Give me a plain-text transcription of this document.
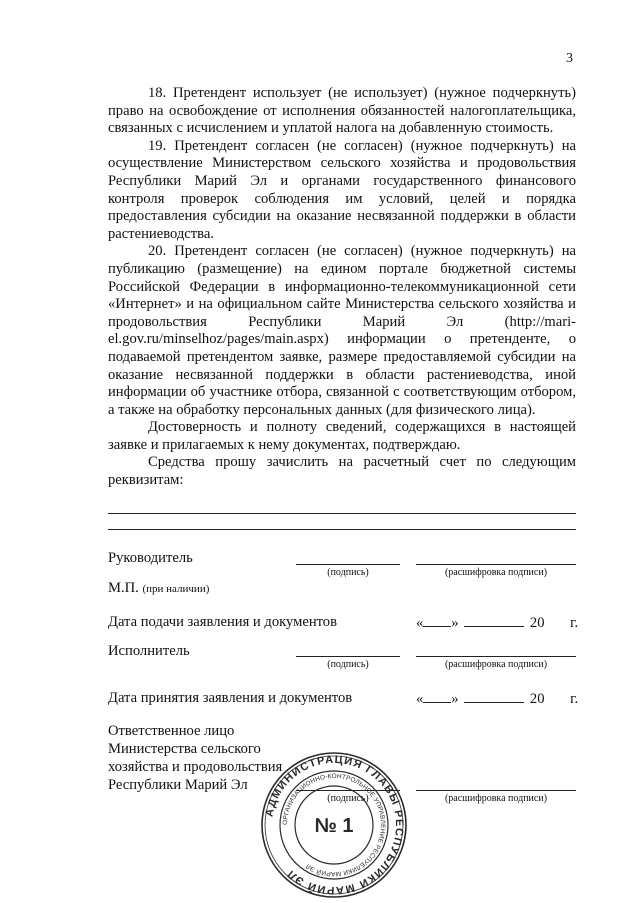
3

18. Претендент использует (не использует) (нужное подчеркнуть) право на освобождение от исполнения обязанностей налогоплательщика, связанных с исчислением и уплатой налога на добавленную стоимость.

19. Претендент согласен (не согласен) (нужное подчеркнуть) на осуществление Министерством сельского хозяйства и продовольствия Республики Марий Эл и органами государственного финансового контроля проверок соблюдения им условий, целей и порядка предоставления субсидии на оказание несвязанной поддержки в области растениеводства.

20. Претендент согласен (не согласен) (нужное подчеркнуть) на публикацию (размещение) на едином портале бюджетной системы Российской Федерации в информационно-телекоммуникационной сети «Интернет» и на официальном сайте Министерства сельского хозяйства и продовольствия Республики Марий Эл (http://mari-el.gov.ru/minselhoz/pages/main.aspx) информации о претенденте, о подаваемой претендентом заявке, размере предоставляемой субсидии на оказание несвязанной поддержки в области растениеводства, иной информации об участнике отбора, связанной с соответствующим отбором, а также на обработку персональных данных (для физического лица).

Достоверность и полноту сведений, содержащихся в настоящей заявке и прилагаемых к нему документах, подтверждаю.

Средства прошу зачислить на расчетный счет по следующим реквизитам:

Руководитель
(подпись)	(расшифровка подписи)
М.П. (при наличии)
Дата подачи заявления и документов	« »	20 г.
Исполнитель
(подпись)	(расшифровка подписи)
Дата принятия заявления и документов	« »	20 г.
Ответственное лицо
Министерства сельского
хозяйства и продовольствия
Республики Марий Эл
(подпись)	(расшифровка подписи)
АДМИНИСТРАЦИЯ ГЛАВЫ РЕСПУБЛИКИ МАРИЙ ЭЛ
ОРГАНИЗАЦИОННО-КОНТРОЛЬНОЕ УПРАВЛЕНИЕ РЕСПУБЛИКИ МАРИЙ ЭЛ
№ 1
